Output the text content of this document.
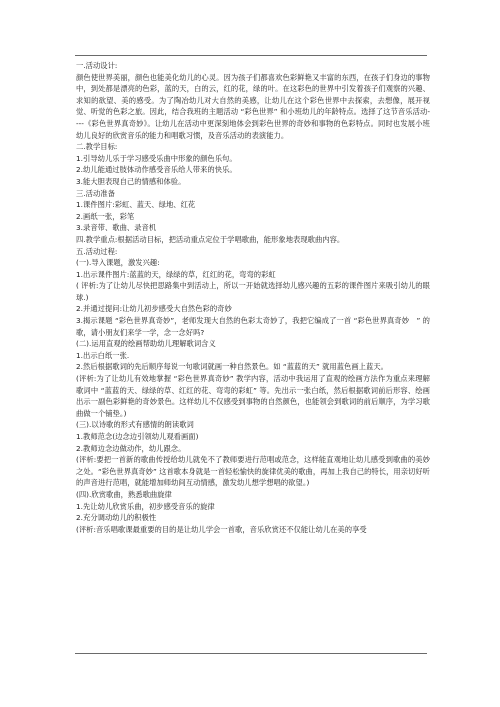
一.活动设计:

颜色使世界美丽，颜色也能美化幼儿的心灵。因为孩子们都喜欢色彩鲜艳又丰富的东西，在孩子们身边的事物中，到处都是漂亮的色彩，蓝的天，白的云，红的花，绿的叶。在这彩色的世界中引发着孩子们观察的兴趣、求知的欲望、美的感受。为了陶冶幼儿对大自然的美感，让幼儿在这个彩色世界中去探索，去想像，展开视觉、听觉的色彩之旅。因此，结合我班的主题活动 “彩色世界” 和小班幼儿的年龄特点。选择了这节音乐活动----《彩色世界真奇妙》。让幼儿在活动中更深刻地体会到彩色世界的奇妙和事物的色彩特点。同时也发展小班幼儿良好的欣赏音乐的能力和唱歌习惯，及音乐活动的表演能力。

二.教学目标:

1.引导幼儿乐于学习感受乐曲中形象的颜色乐句。

2.幼儿能通过肢体动作感受音乐给人带来的快乐。

3.能大胆表现自己的情感和体验。

三.活动准备

1.课件图片:彩虹、蓝天、绿地、红花

2.画纸一张，彩笔

3.录音带、歌曲、录音机

四.教学重点:根据活动目标，把活动重点定位于学唱歌曲，能形象地表现歌曲内容。

五.活动过程:

(一).导入课题，激发兴趣:

1.出示课件图片:蓝蓝的天，绿绿的草，红红的花，弯弯的彩虹

( 评析:为了让幼儿尽快把思路集中到活动上，所以一开始就选择幼儿感兴趣的五彩的课件图片来吸引幼儿的眼球.)

2.并通过提问:让幼儿初步感受大自然色彩的奇妙

3.揭示课题 “彩色世界真奇妙”，老师发现大自然的色彩太奇妙了，我把它编成了一首 “彩色世界真奇妙　” 的歌，请小朋友们来学一学，念一念好吗?

(二).运用直观的绘画帮助幼儿理解歌词含义

1.出示白纸一张.

2.然后根据歌词的先后顺序每说一句歌词就画一种自然景色。如 “蓝蓝的天” 就用蓝色画上蓝天。

(评析:为了让幼儿有效地掌握 “彩色世界真奇妙” 教学内容，活动中我运用了直观的绘画方法作为重点来理解歌词中 “蓝蓝的天、绿绿的草、红红的花、弯弯的彩虹” 等。先出示一张白纸，然后根据歌词前后形容、绘画出示一副色彩鲜艳的奇妙景色。这样幼儿不仅感受到事物的自然颜色，也能领会到歌词的前后顺序，为学习歌曲做一个铺垫。)

(三).以诗歌的形式有感情的朗读歌词

1.教师范念(边念边引领幼儿观看画面)

2.教师边念边做动作，幼儿跟念。

(评析:要把一首新的歌曲传授给幼儿就免不了教师要进行范唱或范念，这样能直观地让幼儿感受到歌曲的美妙之处。“彩色世界真奇妙” 这首歌本身就是一首轻松愉快的旋律优美的歌曲，再加上我自己的特长，用亲切好听的声音进行范唱，就能增加师幼间互动情感，激发幼儿想学想唱的欲望。)

(四).欣赏歌曲，熟悉歌曲旋律

1.先让幼儿欣赏乐曲，初步感受音乐的旋律

2.充分调动幼儿的积极性

(评析:音乐唱歌课最重要的目的是让幼儿学会一首歌，音乐欣赏还不仅能让幼儿在美的享受
